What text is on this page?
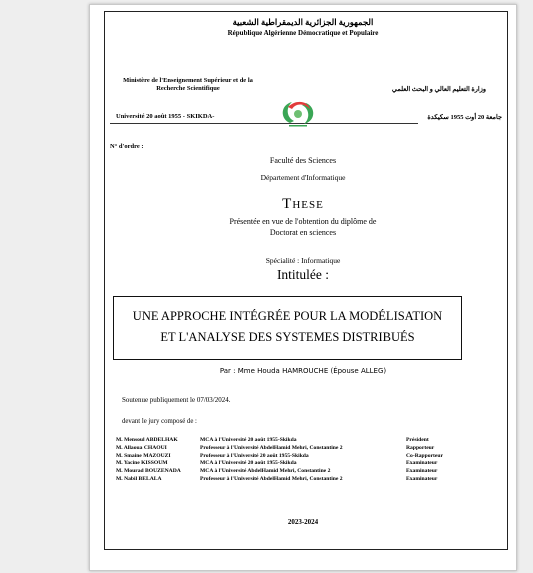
الجمهورية الجزائرية الديمقراطية الشعبية
République Algérienne Démocratique et Populaire
Ministère de l'Enseignement Supérieur et de la Recherche Scientifique	وزارة التعليم العالي و البحث العلمي
Université 20 août 1955 - SKIKDA-	جامعة 20 أوت 1955 سكيكدة
N° d'ordre :
Faculté des Sciences
Département d'Informatique
These
Présentée en vue de l'obtention du diplôme de
Doctorat en sciences
Spécialité : Informatique
Intitulée :
UNE APPROCHE INTÉGRÉE POUR LA MODÉLISATION
ET L'ANALYSE DES SYSTEMES DISTRIBUÉS
Par : Mme Houda HAMROUCHE (Épouse ALLEG)
Soutenue publiquement le 07/03/2024.
devant le jury composé de :
M. Mensoul ABDELHAK	MCA à l'Université 20 août 1955-Skikda	Président
M. Allaoua CHAOUI	Professeur à l'Université AbdelHamid Mehri, Constantine 2	Rapporteur
M. Smaine MAZOUZI	Professeur à l'Université 20 août 1955-Skikda	Co-Rapporteur
M. Yacine KISSOUM	MCA à l'Université 20 août 1955-Skikda	Examinateur
M. Mourad BOUZENADA	MCA à l'Université AbdelHamid Mehri, Constantine 2	Examinateur
M. Nabil BELALA	Professeur à l'Université AbdelHamid Mehri, Constantine 2	Examinateur
2023-2024
